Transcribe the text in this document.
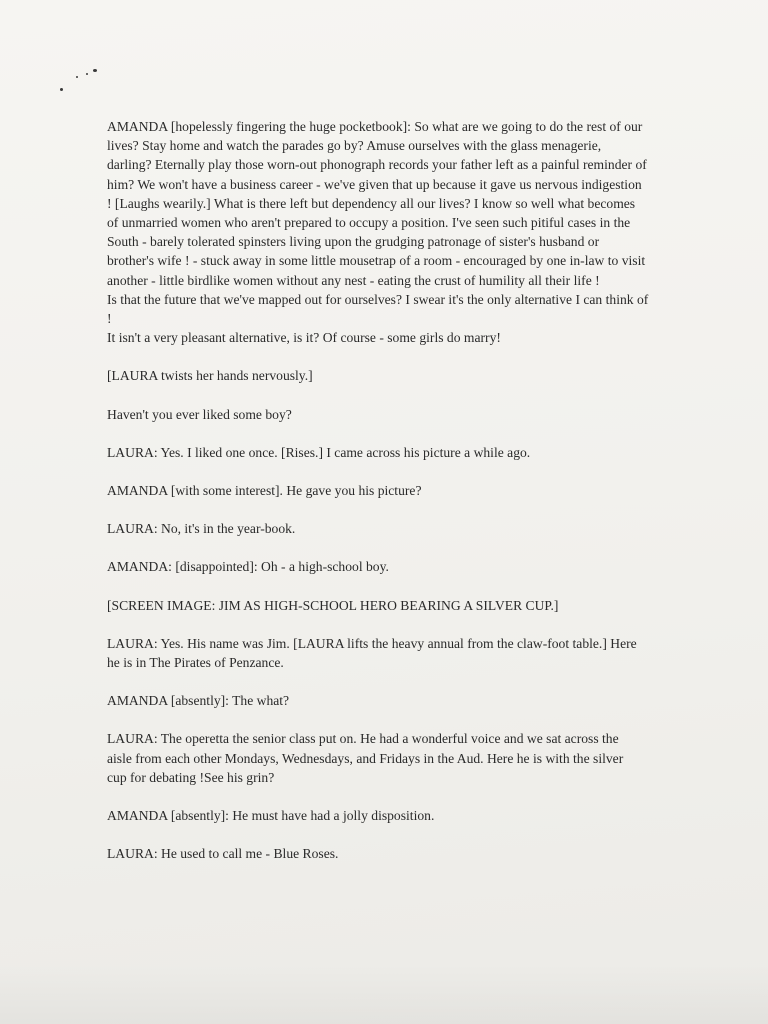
AMANDA [hopelessly fingering the huge pocketbook]: So what are we going to do the rest of our
lives? Stay home and watch the parades go by? Amuse ourselves with the glass menagerie,
darling? Eternally play those worn-out phonograph records your father left as a painful reminder of
him? We won't have a business career - we've given that up because it gave us nervous indigestion
! [Laughs wearily.] What is there left but dependency all our lives? I know so well what becomes
of unmarried women who aren't prepared to occupy a position. I've seen such pitiful cases in the
South - barely tolerated spinsters living upon the grudging patronage of sister's husband or
brother's wife ! - stuck away in some little mousetrap of a room - encouraged by one in-law to visit
another - little birdlike women without any nest - eating the crust of humility all their life !
Is that the future that we've mapped out for ourselves? I swear it's the only alternative I can think of
!
It isn't a very pleasant alternative, is it? Of course - some girls do marry!

[LAURA twists her hands nervously.]

Haven't you ever liked some boy?

LAURA: Yes. I liked one once. [Rises.] I came across his picture a while ago.

AMANDA [with some interest]. He gave you his picture?

LAURA: No, it's in the year-book.

AMANDA: [disappointed]: Oh - a high-school boy.

[SCREEN IMAGE: JIM AS HIGH-SCHOOL HERO BEARING A SILVER CUP.]

LAURA: Yes. His name was Jim. [LAURA lifts the heavy annual from the claw-foot table.] Here
he is in The Pirates of Penzance.

AMANDA [absently]: The what?

LAURA: The operetta the senior class put on. He had a wonderful voice and we sat across the
aisle from each other Mondays, Wednesdays, and Fridays in the Aud. Here he is with the silver
cup for debating !See his grin?

AMANDA [absently]: He must have had a jolly disposition.

LAURA: He used to call me - Blue Roses.
